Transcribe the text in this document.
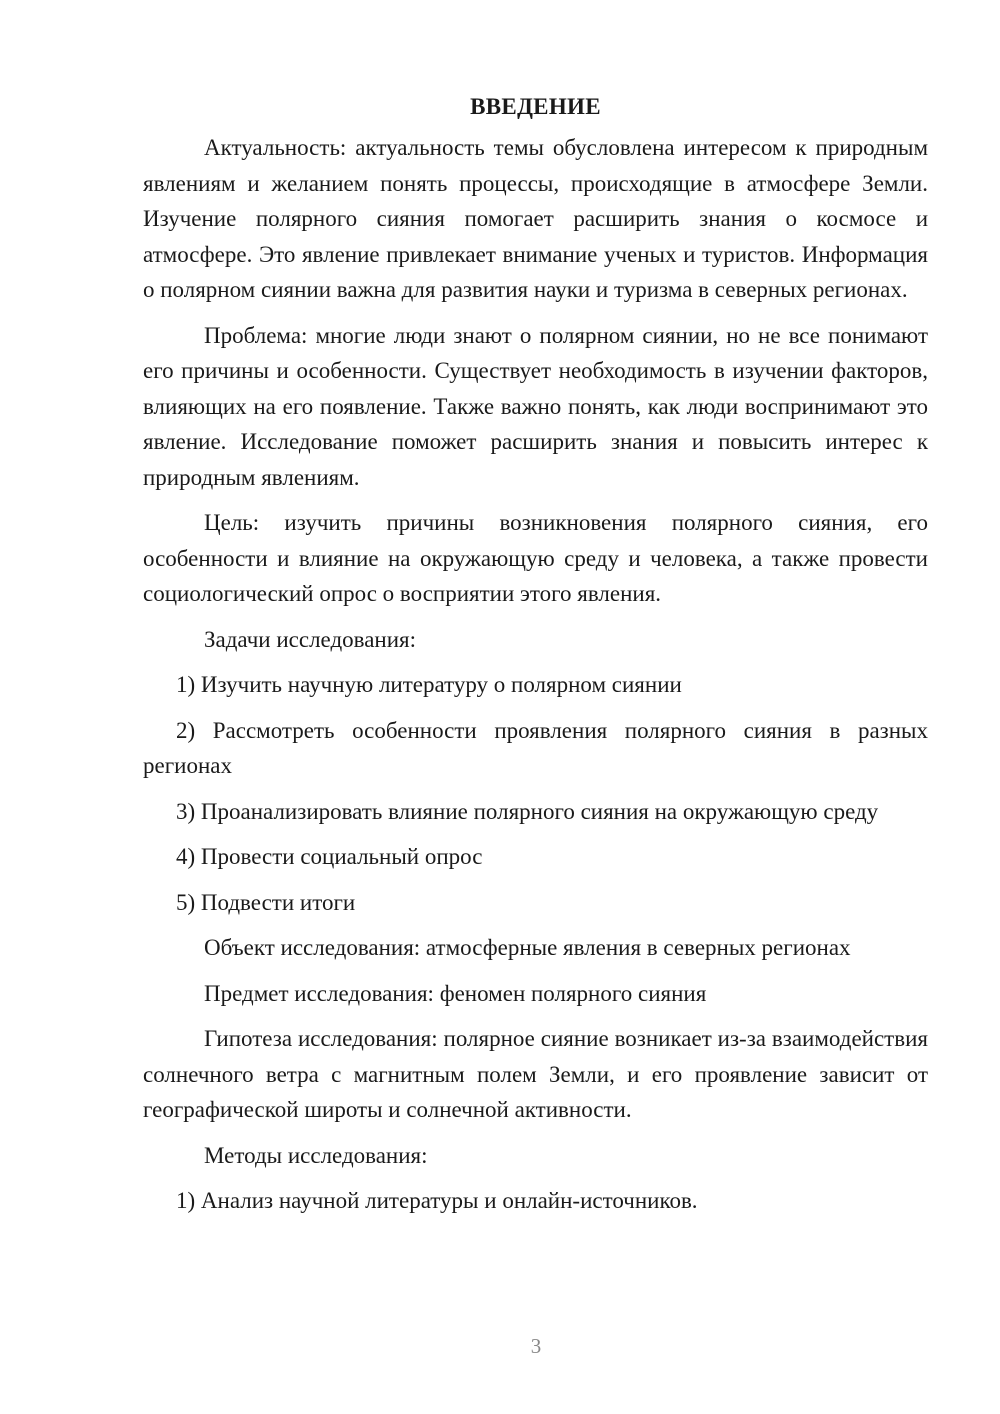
ВВЕДЕНИЕ

Актуальность: актуальность темы обусловлена интересом к природным явлениям и желанием понять процессы, происходящие в атмосфере Земли. Изучение полярного сияния помогает расширить знания о космосе и атмосфере. Это явление привлекает внимание ученых и туристов. Информация о полярном сиянии важна для развития науки и туризма в северных регионах.

Проблема: многие люди знают о полярном сиянии, но не все понимают его причины и особенности. Существует необходимость в изучении факторов, влияющих на его появление. Также важно понять, как люди воспринимают это явление. Исследование поможет расширить знания и повысить интерес к природным явлениям.

Цель: изучить причины возникновения полярного сияния, его особенности и влияние на окружающую среду и человека, а также провести социологический опрос о восприятии этого явления.

Задачи исследования:

1) Изучить научную литературу о полярном сиянии

2) Рассмотреть особенности проявления полярного сияния в разных регионах

3) Проанализировать влияние полярного сияния на окружающую среду

4) Провести социальный опрос

5) Подвести итоги

Объект исследования: атмосферные явления в северных регионах

Предмет исследования: феномен полярного сияния

Гипотеза исследования: полярное сияние возникает из-за взаимодействия солнечного ветра с магнитным полем Земли, и его проявление зависит от географической широты и солнечной активности.

Методы исследования:

1) Анализ научной литературы и онлайн-источников.

3
